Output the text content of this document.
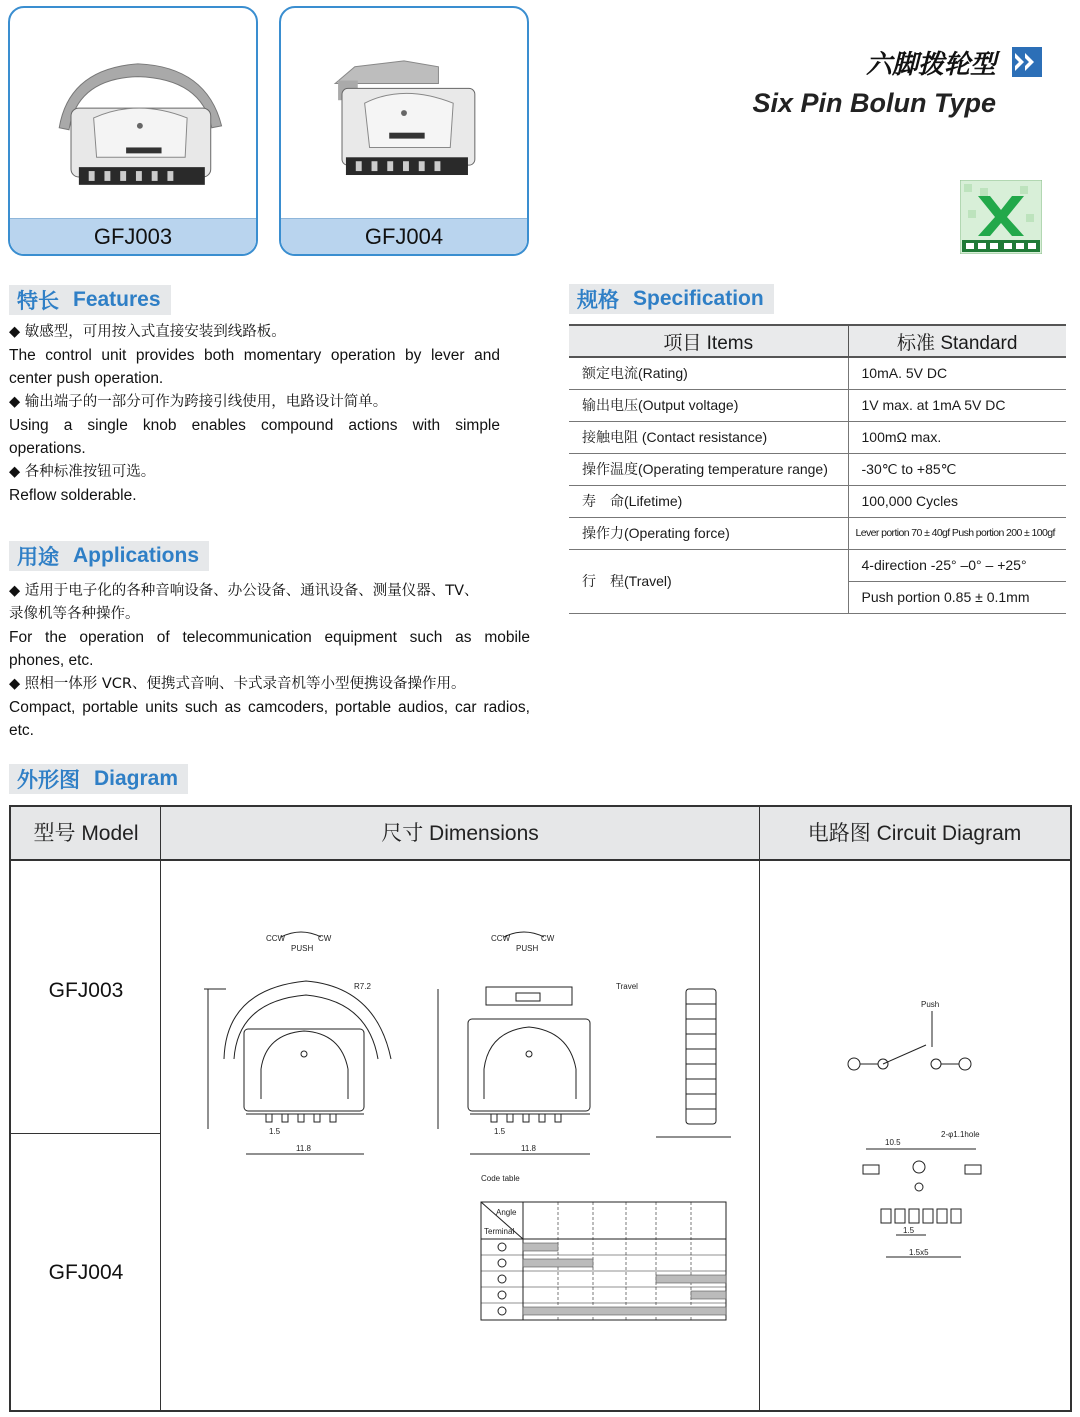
GFJ003	GFJ004
六脚拨轮型
Six Pin Bolun Type
特长 Features
◆ 敏感型，可用按入式直接安装到线路板。
The control unit provides both momentary operation by lever and
center push operation.
◆ 输出端子的一部分可作为跨接引线使用，电路设计简单。
Using a single knob enables compound actions with simple
operations.
◆ 各种标准按钮可选。
Reflow solderable.
用途 Applications
◆ 适用于电子化的各种音响设备、办公设备、通讯设备、测量仪器、TV、
录像机等各种操作。
For the operation of telecommunication equipment such as mobile
phones, etc.
◆ 照相一体形 VCR、便携式音响、卡式录音机等小型便携设备操作用。
Compact, portable units such as camcoders, portable audios, car radios,
etc.
规格 Specification
项目 Items	标准 Standard
额定电流(Rating)	10mA. 5V DC
输出电压(Output voltage)	1V max. at 1mA 5V DC
接触电阻 (Contact resistance)	100mΩ max.
操作温度(Operating temperature range)	-30℃ to +85℃
寿　命(Lifetime)	100,000 Cycles
操作力(Operating force)	Lever portion 70 ± 40gf Push portion 200 ± 100gf
行　程(Travel)	4-direction -25° –0° – +25°
	Push portion 0.85 ± 0.1mm
外形图 Diagram
型号 Model	尺寸 Dimensions	电路图 Circuit Diagram
GFJ003
GFJ004
CCW	CW
PUSH
R7.2
11.8
1.5
CCW	CW
PUSH
Travel
11.8
1.5
Code table
Angle
Terminal
Push
10.5
2-φ1.1hole
1.5
1.5x5
